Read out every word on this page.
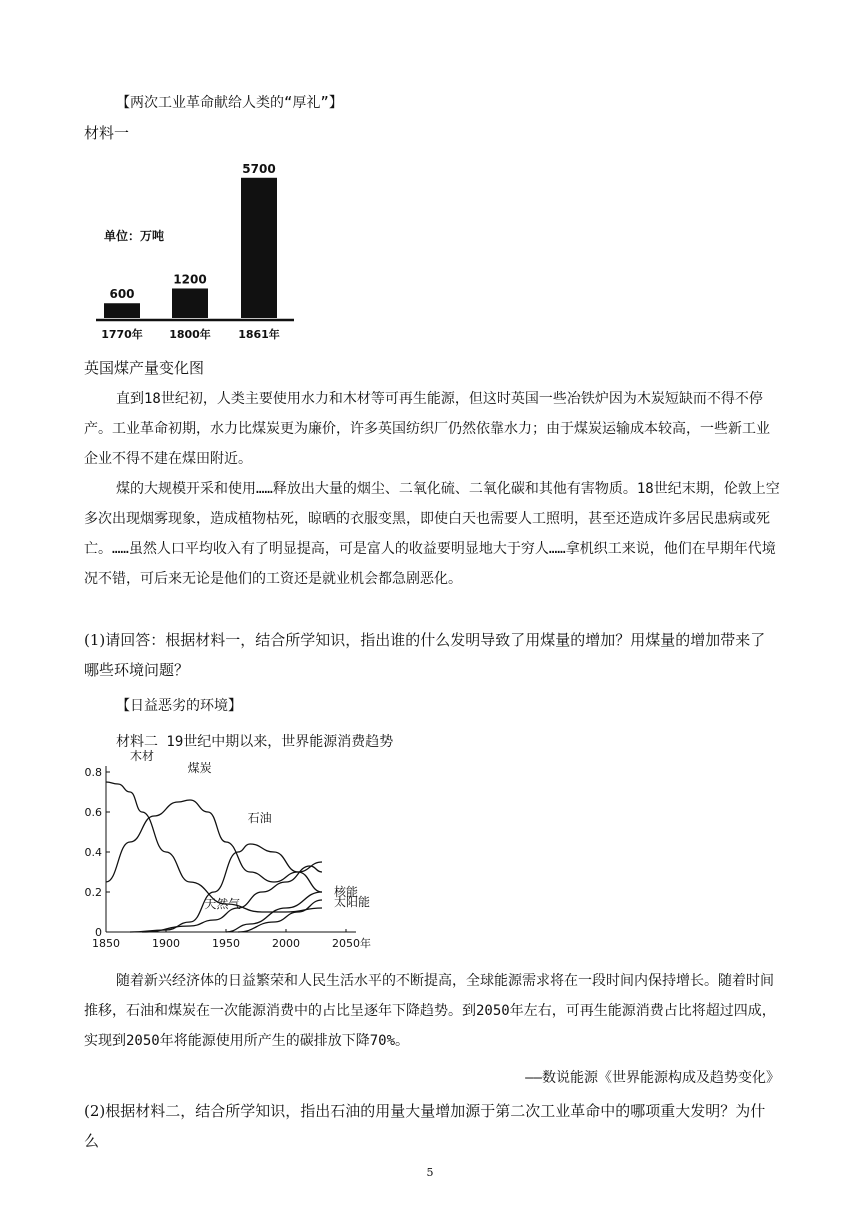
【两次工业革命献给人类的“厚礼”】

材料一

单位：万吨
600
1770年
1200
1800年
5700
1861年

英国煤产量变化图

直到18世纪初，人类主要使用水力和木材等可再生能源，但这时英国一些冶铁炉因为木炭短缺而不得不停产。工业革命初期，水力比煤炭更为廉价，许多英国纺织厂仍然依靠水力；由于煤炭运输成本较高，一些新工业企业不得不建在煤田附近。

煤的大规模开采和使用……释放出大量的烟尘、二氧化硫、二氧化碳和其他有害物质。18世纪末期，伦敦上空多次出现烟雾现象，造成植物枯死，晾晒的衣服变黑，即使白天也需要人工照明，甚至还造成许多居民患病或死亡。……虽然人口平均收入有了明显提高，可是富人的收益要明显地大于穷人……拿机织工来说，他们在早期年代境况不错，可后来无论是他们的工资还是就业机会都急剧恶化。

(1)请回答：根据材料一，结合所学知识，指出谁的什么发明导致了用煤量的增加？用煤量的增加带来了哪些环境问题？

【日益恶劣的环境】

材料二 19世纪中期以来，世界能源消费趋势

0
0.2
0.4
0.6
0.8
1850	1900	1950	2000	2050年
木材
煤炭
石油
天然气
核能
太阳能

随着新兴经济体的日益繁荣和人民生活水平的不断提高，全球能源需求将在一段时间内保持增长。随着时间推移，石油和煤炭在一次能源消费中的占比呈逐年下降趋势。到2050年左右，可再生能源消费占比将超过四成，实现到2050年将能源使用所产生的碳排放下降70%。

——数说能源《世界能源构成及趋势变化》

(2)根据材料二，结合所学知识，指出石油的用量大量增加源于第二次工业革命中的哪项重大发明？为什么

5
